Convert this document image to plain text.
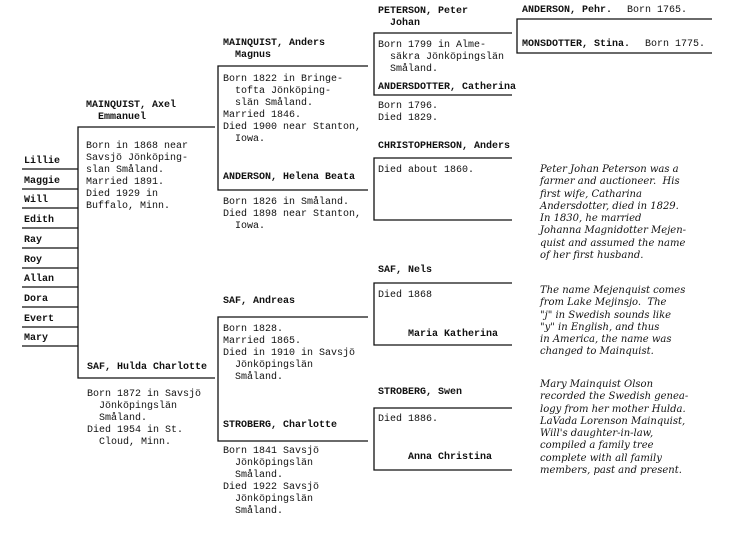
Lillie
Maggie
Will
Edith
Ray
Roy
Allan
Dora
Evert
Mary
MAINQUIST, Axel
Emmanuel
Born in 1868 near
Savsjö Jönköping-
slan Småland.
Married 1891.
Died 1929 in
Buffalo, Minn.
SAF, Hulda Charlotte
Born 1872 in Savsjö
Jönköpingslän
Småland.
Died 1954 in St.
Cloud, Minn.
MAINQUIST, Anders
Magnus
Born 1822 in Bringe-
tofta Jönköping-
slän Småland.
Married 1846.
Died 1900 near Stanton,
Iowa.
ANDERSON, Helena Beata
Born 1826 in Småland.
Died 1898 near Stanton,
Iowa.
SAF, Andreas
Born 1828.
Married 1865.
Died in 1910 in Savsjö
Jönköpingslän
Småland.
STROBERG, Charlotte
Born 1841 Savsjö
Jönköpingslän
Småland.
Died 1922 Savsjö
Jönköpingslän
Småland.
PETERSON, Peter
Johan
Born 1799 in Alme-
säkra Jönköpingslän
Småland.
ANDERSDOTTER, Catherina
Born 1796.
Died 1829.
CHRISTOPHERSON, Anders
Died about 1860.
SAF, Nels
Died 1868
Maria Katherina
STROBERG, Swen
Died 1886.
Anna Christina
ANDERSON, Pehr. Born 1765.
MONSDOTTER, Stina. Born 1775.
Peter Johan Peterson was a
farmer and auctioneer.  His
first wife, Catharina
Andersdotter, died in 1829.
In 1830, he married
Johanna Magnidotter Mejen-
quist and assumed the name
of her first husband.
The name Mejenquist comes
from Lake Mejinsjo.  The
"j" in Swedish sounds like
"y" in English, and thus
in America, the name was
changed to Mainquist.
Mary Mainquist Olson
recorded the Swedish genea-
logy from her mother Hulda.
LaVada Lorenson Mainquist,
Will's daughter-in-law,
compiled a family tree
complete with all family
members, past and present.
